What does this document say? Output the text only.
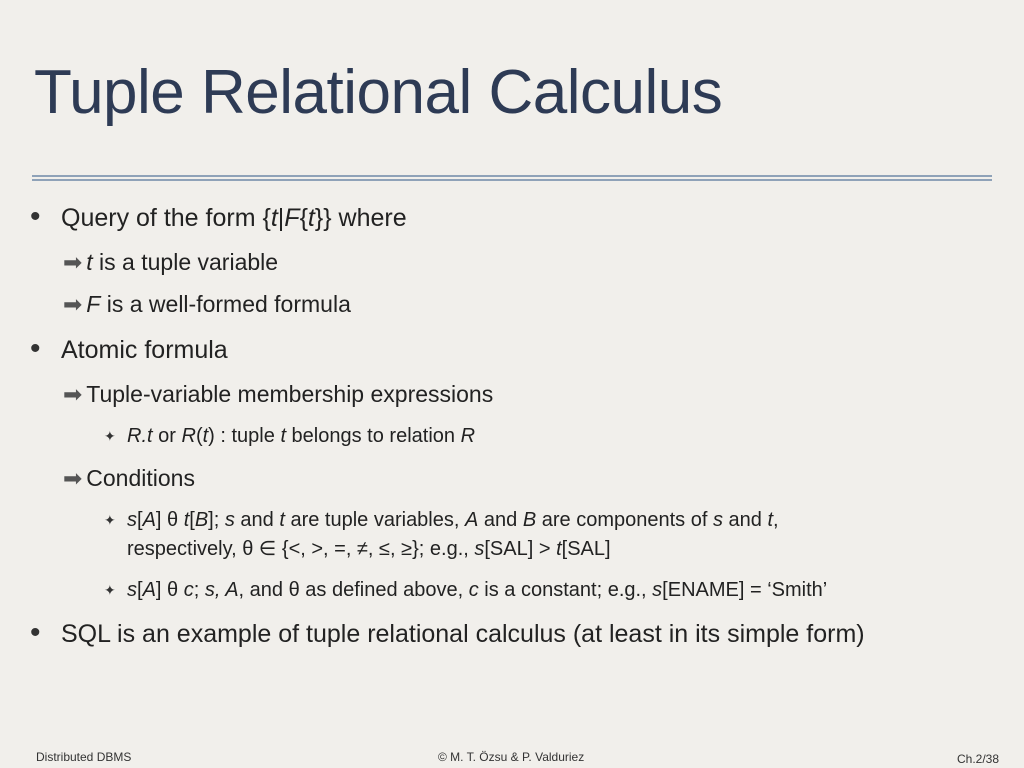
Tuple Relational Calculus
• Query of the form {t|F{t}} where
➡ t is a tuple variable
➡ F is a well-formed formula
• Atomic formula
➡ Tuple-variable membership expressions
✦ R.t or R(t) : tuple t belongs to relation R
➡ Conditions
✦ s[A] θ t[B]; s and t are tuple variables, A and B are components of s and t,
respectively, θ ∈ {<, >, =, ≠, ≤, ≥}; e.g., s[SAL] > t[SAL]
✦ s[A] θ c; s, A, and θ as defined above, c is a constant; e.g., s[ENAME] = ‘Smith’
• SQL is an example of tuple relational calculus (at least in its simple form)
Distributed DBMS	© M. T. Özsu & P. Valduriez	Ch.2/38
